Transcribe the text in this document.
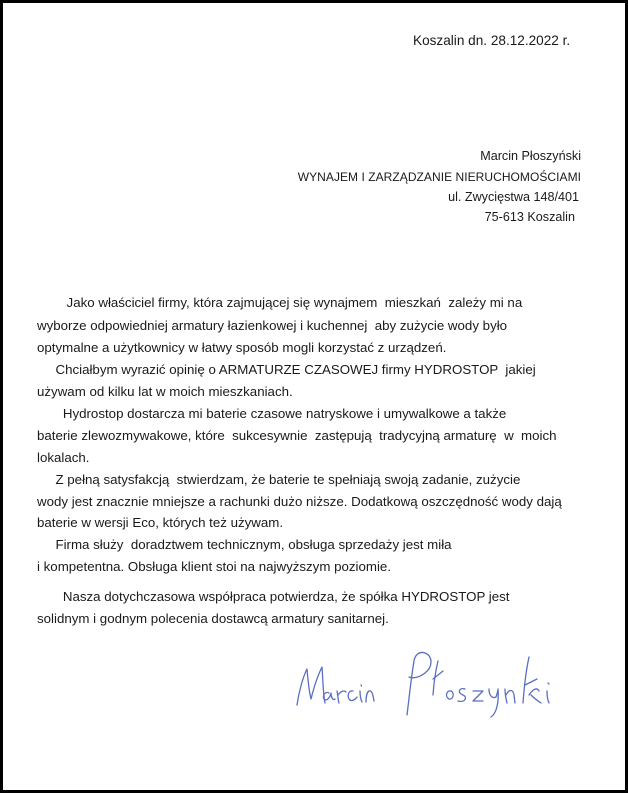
Koszalin dn. 28.12.2022 r.
Marcin Płoszyński
WYNAJEM I ZARZĄDZANIE NIERUCHOMOŚCIAMI
ul. Zwycięstwa 148/401
75-613 Koszalin
Jako właściciel firmy, która zajmującej się wynajmem  mieszkań  zależy mi na
wyborze odpowiedniej armatury łazienkowej i kuchennej  aby zużycie wody było
optymalne a użytkownicy w łatwy sposób mogli korzystać z urządzeń.
Chciałbym wyrazić opinię o ARMATURZE CZASOWEJ firmy HYDROSTOP  jakiej
używam od kilku lat w moich mieszkaniach.
Hydrostop dostarcza mi baterie czasowe natryskowe i umywalkowe a także
baterie zlewozmywakowe, które  sukcesywnie  zastępują  tradycyjną armaturę  w  moich
lokalach.
Z pełną satysfakcją  stwierdzam, że baterie te spełniają swoją zadanie, zużycie
wody jest znacznie mniejsze a rachunki dużo niższe. Dodatkową oszczędność wody dają
baterie w wersji Eco, których też używam.
Firma służy  doradztwem technicznym, obsługa sprzedaży jest miła
i kompetentna. Obsługa klient stoi na najwyższym poziomie.
Nasza dotychczasowa współpraca potwierdza, że spółka HYDROSTOP jest
solidnym i godnym polecenia dostawcą armatury sanitarnej.
